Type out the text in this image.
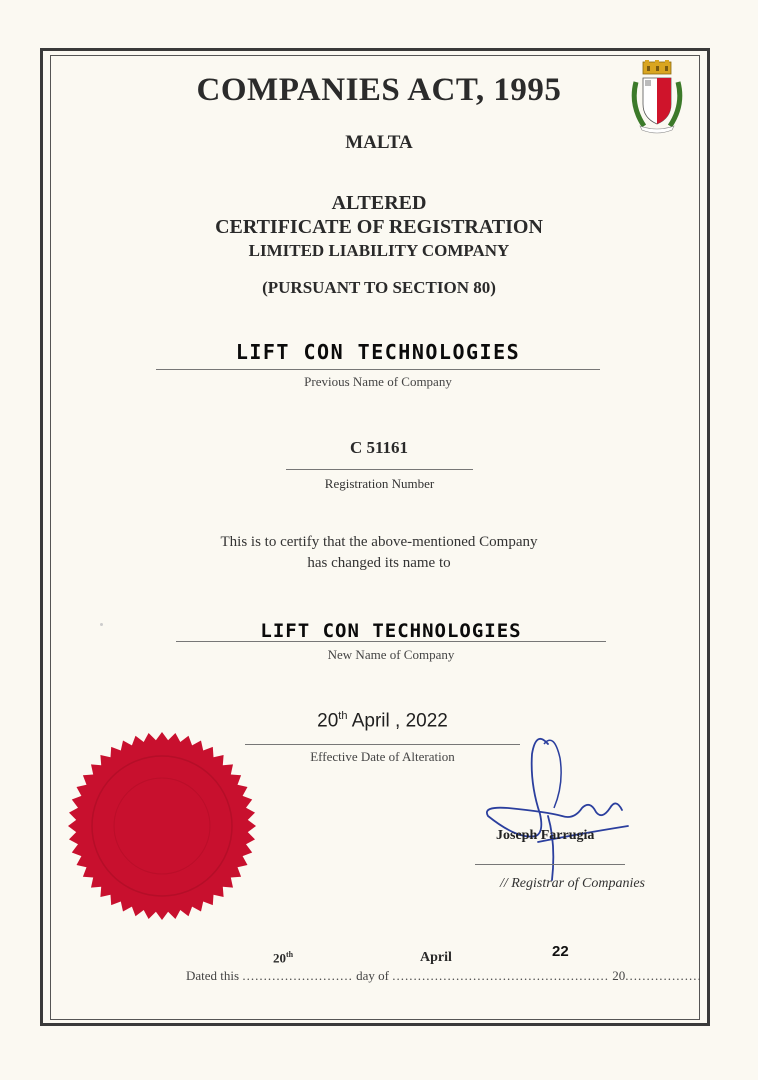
COMPANIES ACT, 1995
MALTA
ALTERED
CERTIFICATE OF REGISTRATION
LIMITED LIABILITY COMPANY
(PURSUANT TO SECTION 80)
LIFT CON TECHNOLOGIES
Previous Name of Company
C 51161
Registration Number
This is to certify that the above-mentioned Company
has changed its name to
LIFT CON TECHNOLOGIES
New Name of Company
20th April , 2022
Effective Date of Alteration
Joseph Farrugia
// Registrar of Companies
20th	April	22
Dated this .......................... day of ................................................... 20..................
